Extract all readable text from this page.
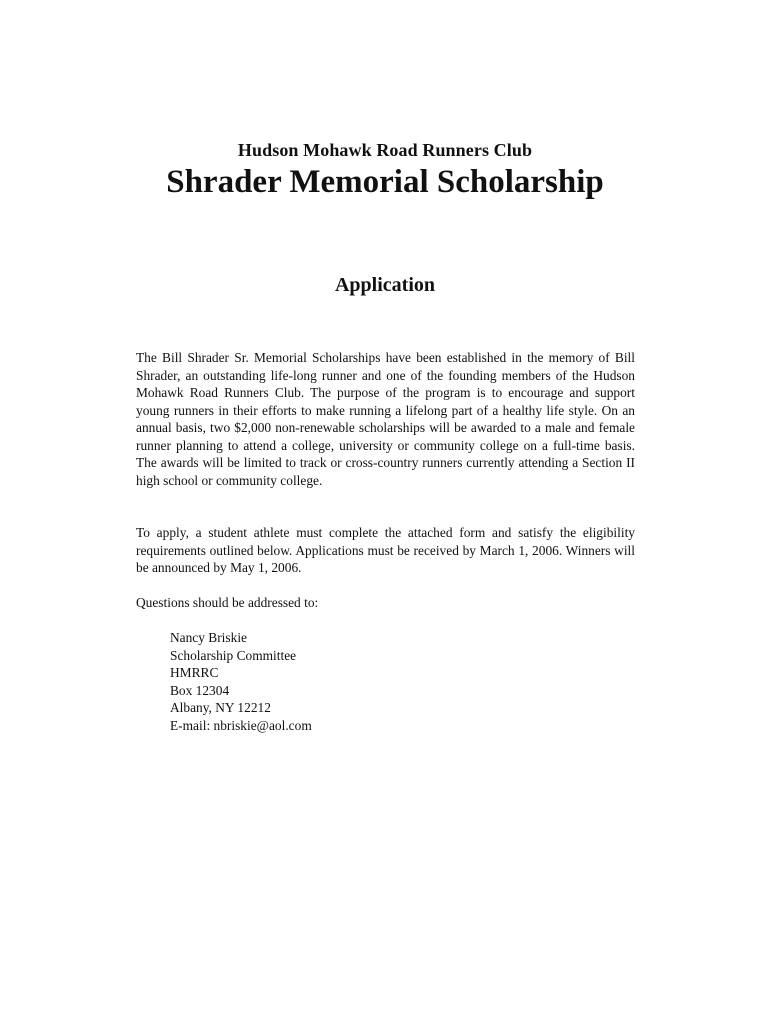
Hudson Mohawk Road Runners Club
Shrader Memorial Scholarship
Application

The Bill Shrader Sr. Memorial Scholarships have been established in the memory of Bill Shrader, an outstanding life-long runner and one of the founding members of the Hudson Mohawk Road Runners Club. The purpose of the program is to encourage and support young runners in their efforts to make running a lifelong part of a healthy life style. On an annual basis, two $2,000 non-renewable scholarships will be awarded to a male and female runner planning to attend a college, university or community college on a full-time basis. The awards will be limited to track or cross-country runners currently attending a Section II high school or community college.

To apply, a student athlete must complete the attached form and satisfy the eligibility requirements outlined below. Applications must be received by March 1, 2006. Winners will be announced by May 1, 2006.

Questions should be addressed to:

Nancy Briskie
Scholarship Committee
HMRRC
Box 12304
Albany, NY 12212
E-mail: nbriskie@aol.com
